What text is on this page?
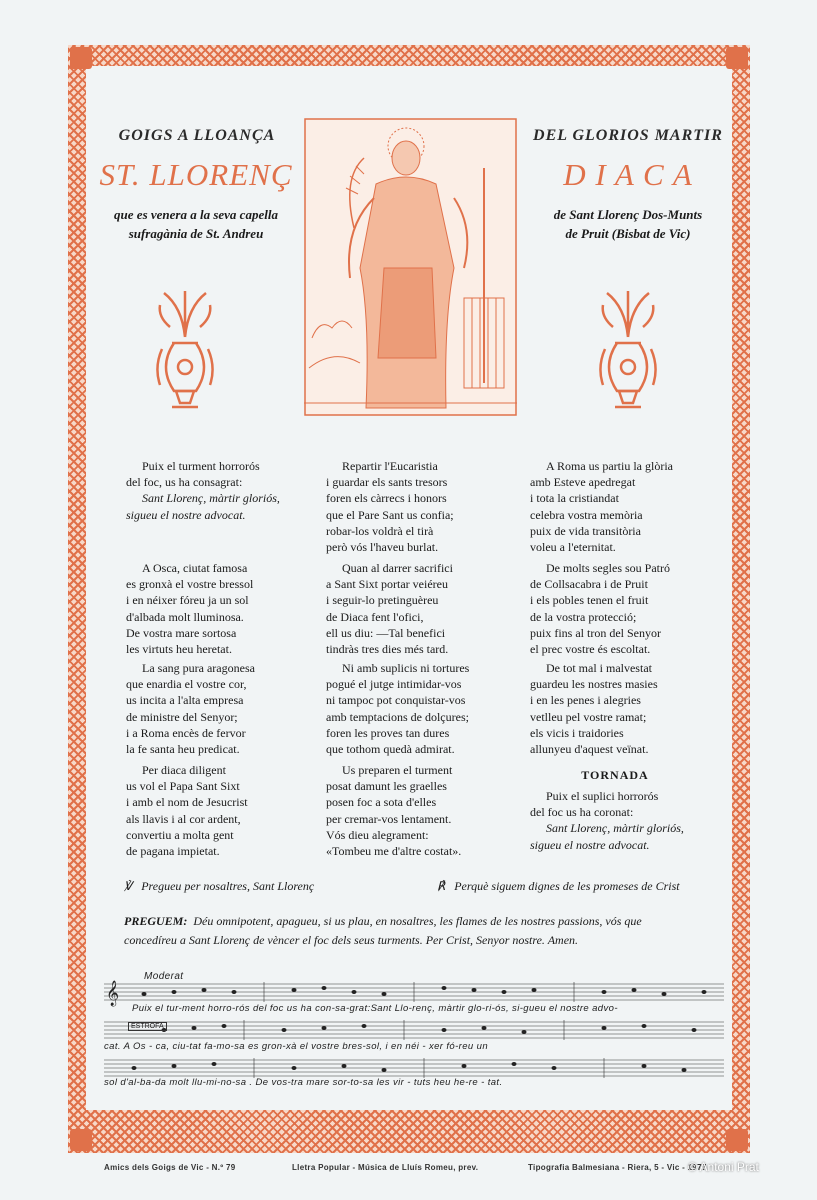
GOIGS A LLOANÇA
ST. LLORENÇ
que es venera a la seva capella
sufragània de St. Andreu
DEL GLORIOS MARTIR
D I A C A
de Sant Llorenç Dos-Munts
de Pruit (Bisbat de Vic)

Puix el turment horrorós

del foc, us ha consagrat:

Sant Llorenç, màrtir gloriós,

sigueu el nostre advocat.

A Osca, ciutat famosa

es gronxà el vostre bressol

i en néixer fóreu ja un sol

d'albada molt lluminosa.

De vostra mare sortosa

les virtuts heu heretat.

La sang pura aragonesa

que enardia el vostre cor,

us incita a l'alta empresa

de ministre del Senyor;

i a Roma encès de fervor

la fe santa heu predicat.

Per diaca diligent

us vol el Papa Sant Sixt

i amb el nom de Jesucrist

als llavis i al cor ardent,

convertiu a molta gent

de pagana impietat.

Repartir l'Eucaristia

i guardar els sants tresors

foren els càrrecs i honors

que el Pare Sant us confia;

robar-los voldrà el tirà

però vós l'haveu burlat.

Quan al darrer sacrifici

a Sant Sixt portar veiéreu

i seguir-lo pretinguèreu

de Diaca fent l'ofici,

ell us diu: —Tal benefici

tindràs tres dies més tard.

Ni amb suplicis ni tortures

pogué el jutge intimidar-vos

ni tampoc pot conquistar-vos

amb temptacions de dolçures;

foren les proves tan dures

que tothom quedà admirat.

Us preparen el turment

posat damunt les graelles

posen foc a sota d'elles

per cremar-vos lentament.

Vós dieu alegrament:

«Tombeu me d'altre costat».

A Roma us partiu la glòria

amb Esteve apedregat

i tota la cristiandat

celebra vostra memòria

puix de vida transitòria

voleu a l'eternitat.

De molts segles sou Patró

de Collsacabra i de Pruit

i els pobles tenen el fruit

de la vostra protecció;

puix fins al tron del Senyor

el prec vostre és escoltat.

De tot mal i malvestat

guardeu les nostres masies

i en les penes i alegries

vetlleu pel vostre ramat;

els vicis i traidories

allunyeu d'aquest veïnat.

TORNADA

Puix el suplici horrorós

del foc us ha coronat:

Sant Llorenç, màrtir gloriós,

sigueu el nostre advocat.

℣ Pregueu per nosaltres, Sant Llorenç	℟ Perquè siguem dignes de les promeses de Crist
PREGUEM: Déu omnipotent, apagueu, si us plau, en nosaltres, les flames de les nostres passions, vós que
concedíreu a Sant Llorenç de vèncer el foc dels seus turments. Per Crist, Senyor nostre. Amen.
Moderat
𝄞
Puix el tur-ment horro-rós del foc us ha con-sa-grat:Sant Llo-renç, màrtir glo-ri-ós, si-gueu el nostre advo-
ESTROFA
cat. A Os - ca, ciu-tat fa-mo-sa es gron-xà el vostre bres-sol, i en néi - xer fó-reu un
sol d'al-ba-da molt llu-mi-no-sa . De vos-tra mare sor-to-sa les vir - tuts heu he-re - tat.
Amics dels Goigs de Vic - N.º 79	Lletra Popular - Música de Lluís Romeu, prev.	Tipografia Balmesiana - Riera, 5 - Vic - 1977
© Antoni Prat
